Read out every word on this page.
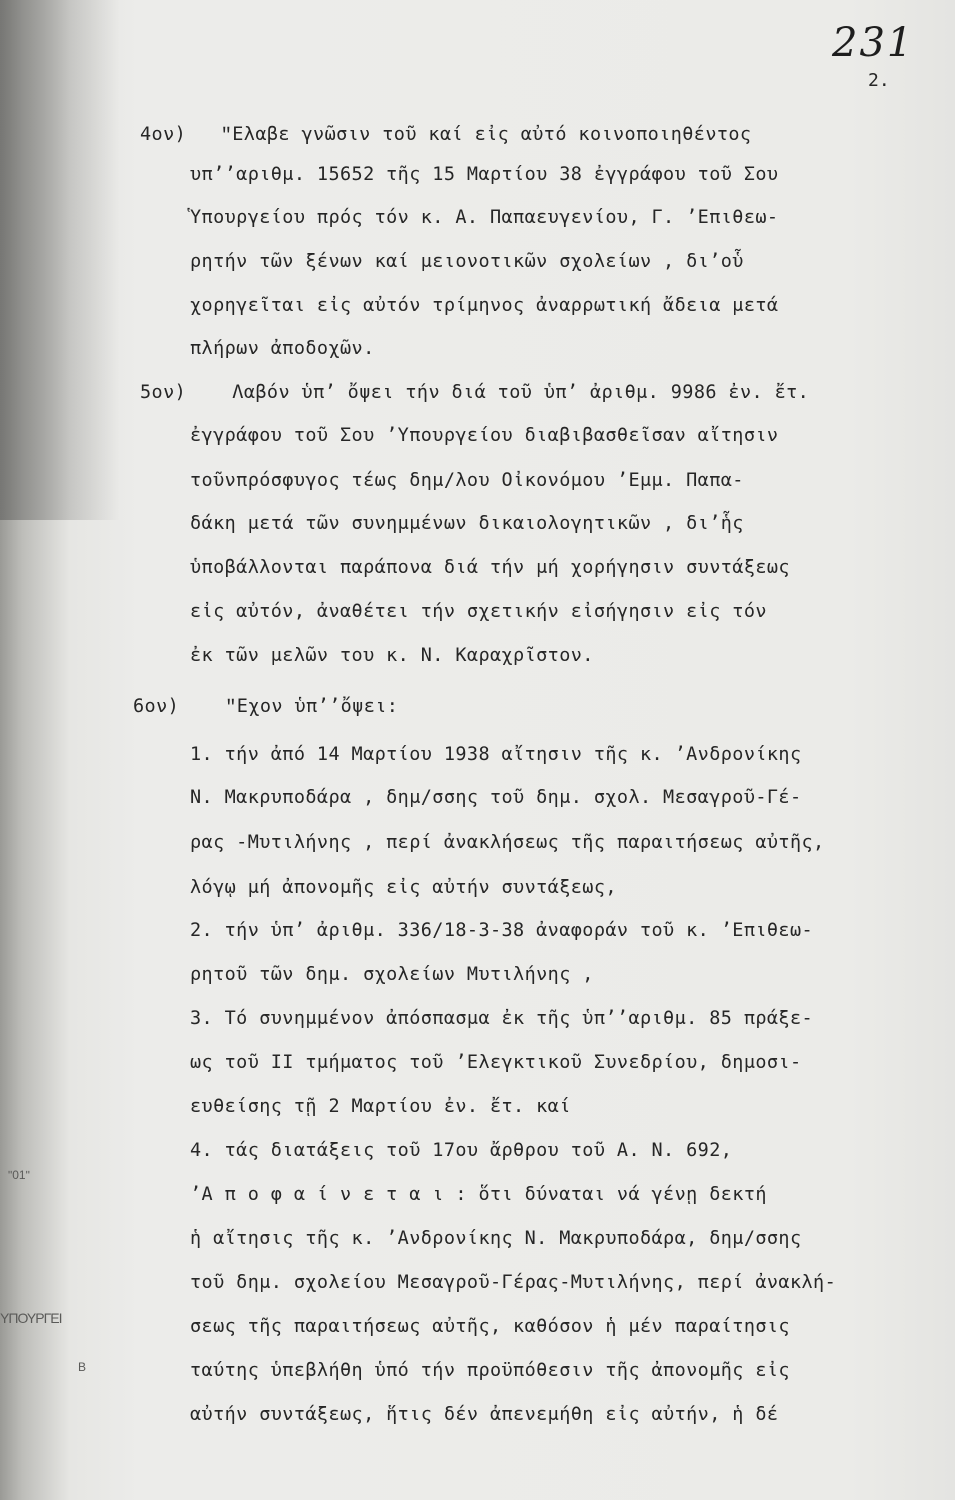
231
2.
4ον)   ʺΕλαβε γνῶσιν τοῦ καί εἰς αὐτό κοινοποιηθέντος
υπ’’αριθμ. 15652 τῆς 15 Μαρτίου 38 ἐγγράφου τοῦ Σου
Ὑπουργείου πρός τόν κ. Α. Παπαευγενίου, Γ. ’Επιθεω-
ρητήν τῶν ξένων καί μειονοτικῶν σχολείων , δι’οὗ
χορηγεῖται εἰς αὐτόν τρίμηνος ἀναρρωτική ἄδεια μετά
πλήρων ἀποδοχῶν.
5ον)    Λαβόν ὑπ’ ὄψει τήν διά τοῦ ὑπ’ ἀριθμ. 9986 ἐν. ἔτ.
ἐγγράφου τοῦ Σου ’Υπουργείου διαβιβασθεῖσαν αἴτησιν
τοῦνπρόσφυγος τέως δημ/λου Οἰκονόμου ’Εμμ. Παπα-
δάκη μετά τῶν συνημμένων δικαιολογητικῶν , δι’ἧς
ὑποβάλλονται παράπονα διά τήν μή χορήγησιν συντάξεως
εἰς αὐτόν, ἀναθέτει τήν σχετικήν εἰσήγησιν εἰς τόν
ἐκ τῶν μελῶν του κ. Ν. Καραχρῖστον.
6ον)    ʺΕχον ὑπ’’ὄψει:
1. τήν ἀπό 14 Μαρτίου 1938 αἴτησιν τῆς κ. ’Ανδρονίκης
Ν. Μακρυποδάρα , δημ/σσης τοῦ δημ. σχολ. Μεσαγροῦ-Γέ-
ρας -Μυτιλήνης , περί ἀνακλήσεως τῆς παραιτήσεως αὐτῆς,
λόγῳ μή ἀπονομῆς εἰς αὐτήν συντάξεως,
2. τήν ὑπ’ ἀριθμ. 336/18-3-38 ἀναφοράν τοῦ κ. ’Επιθεω-
ρητοῦ τῶν δημ. σχολείων Μυτιλήνης ,
3. Τό συνημμένον ἀπόσπασμα ἐκ τῆς ὑπ’’αριθμ. 85 πράξε-
ως τοῦ ΙΙ τμήματος τοῦ ’Ελεγκτικοῦ Συνεδρίου, δημοσι-
ευθείσης τῇ 2 Μαρτίου ἐν. ἔτ. καί
4. τάς διατάξεις τοῦ 17ου ἄρθρου τοῦ Α. Ν. 692,
’Α π ο φ α ί ν ε τ α ι : ὅτι δύναται νά γένῃ δεκτή
ἡ αἴτησις τῆς κ. ’Ανδρονίκης Ν. Μακρυποδάρα, δημ/σσης
τοῦ δημ. σχολείου Μεσαγροῦ-Γέρας-Μυτιλήνης, περί ἀνακλή-
σεως τῆς παραιτήσεως αὐτῆς, καθόσον ἡ μέν παραίτησις
ταύτης ὑπεβλήθη ὑπό τήν προϋπόθεσιν τῆς ἀπονομῆς εἰς
αὐτήν συντάξεως, ἥτις δέν ἀπενεμήθη εἰς αὐτήν, ἡ δέ
ʺ01ʺ
ΥΠΟΥΡΓΕΙ
Β
